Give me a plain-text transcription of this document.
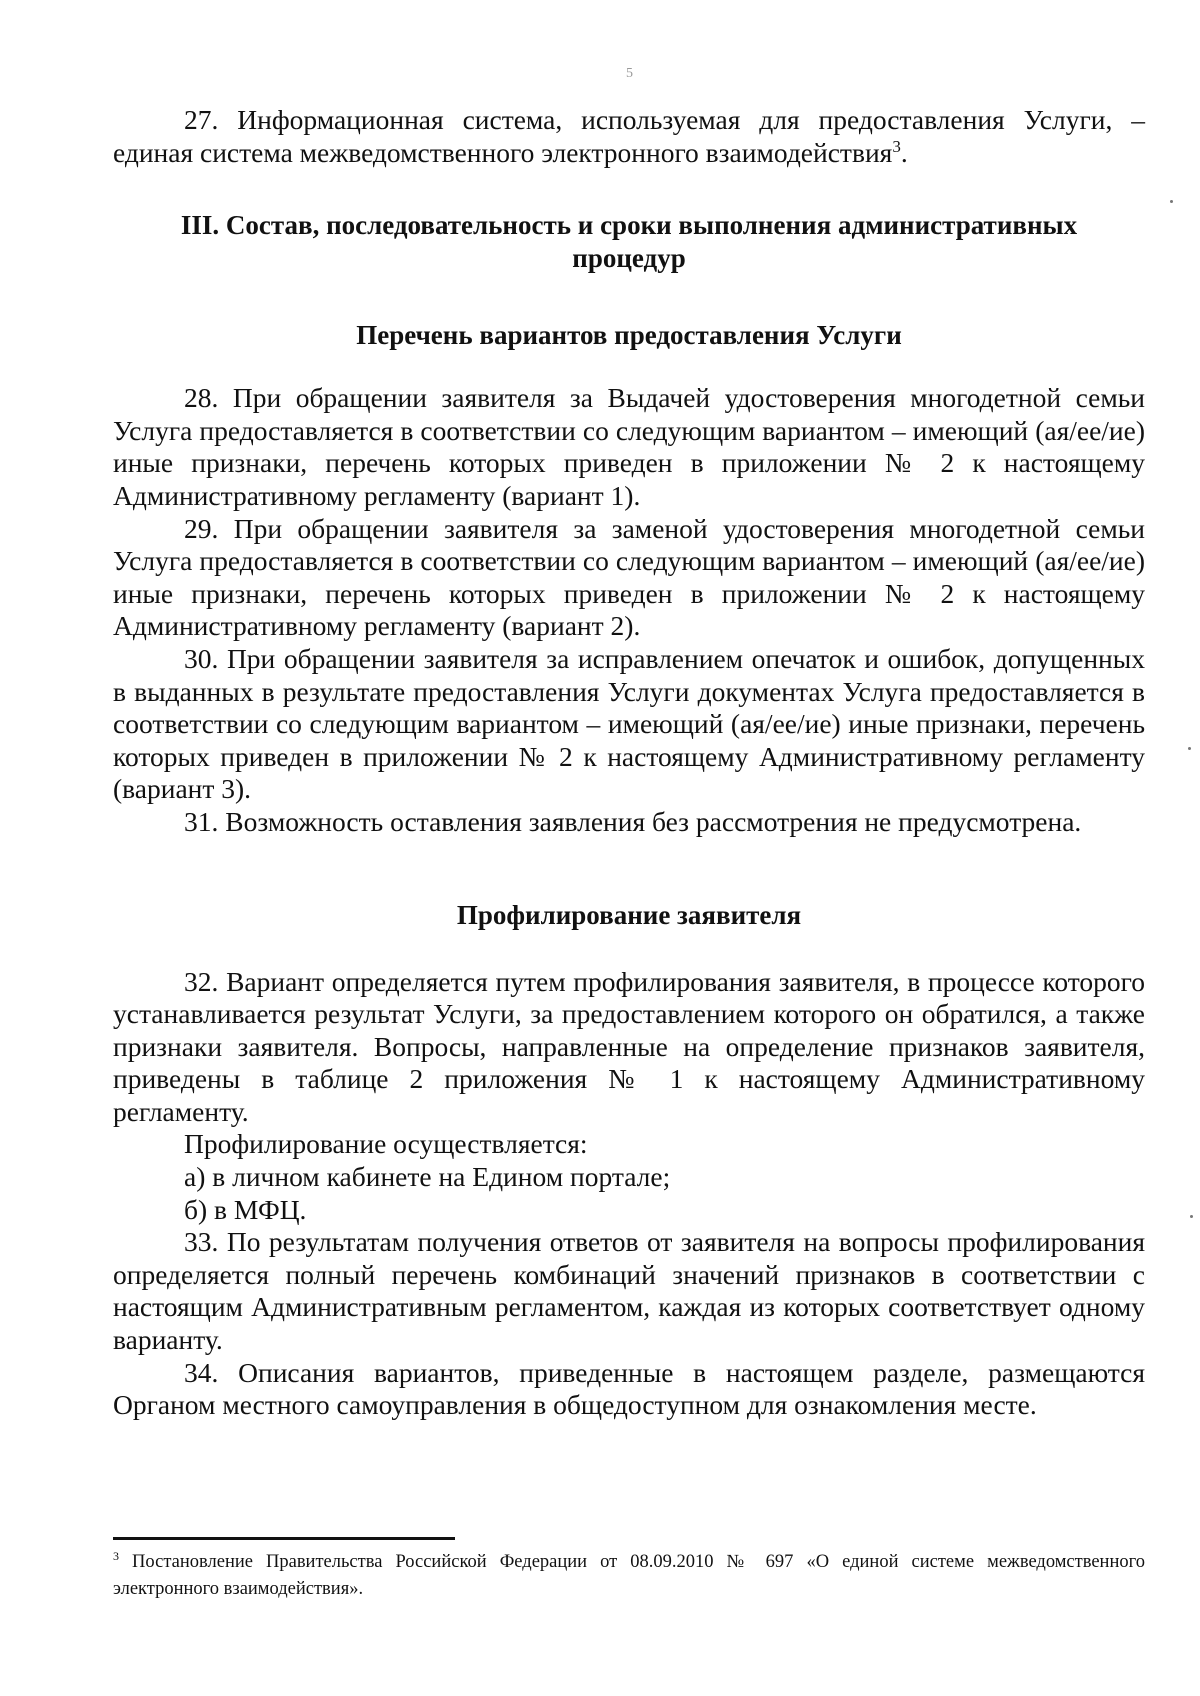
5

27. Информационная система, используемая для предоставления Услуги, – единая система межведомственного электронного взаимодействия$^3$.

III. Состав, последовательность и сроки выполнения административных
процедур
Перечень вариантов предоставления Услуги

28. При обращении заявителя за Выдачей удостоверения многодетной семьи Услуга предоставляется в соответствии со следующим вариантом – имеющий (ая/ее/ие) иные признаки, перечень которых приведен в приложении № 2 к настоящему Административному регламенту (вариант 1).

29. При обращении заявителя за заменой удостоверения многодетной семьи Услуга предоставляется в соответствии со следующим вариантом – имеющий (ая/ее/ие) иные признаки, перечень которых приведен в приложении № 2 к настоящему Административному регламенту (вариант 2).

30. При обращении заявителя за исправлением опечаток и ошибок, допущенных в выданных в результате предоставления Услуги документах Услуга предоставляется в соответствии со следующим вариантом – имеющий (ая/ее/ие) иные признаки, перечень которых приведен в приложении № 2 к настоящему Административному регламенту (вариант 3).

31. Возможность оставления заявления без рассмотрения не предусмотрена.

Профилирование заявителя

32. Вариант определяется путем профилирования заявителя, в процессе которого устанавливается результат Услуги, за предоставлением которого он обратился, а также признаки заявителя. Вопросы, направленные на определение признаков заявителя, приведены в таблице 2 приложения № 1 к настоящему Административному регламенту.

Профилирование осуществляется:

а) в личном кабинете на Едином портале;

б) в МФЦ.

33. По результатам получения ответов от заявителя на вопросы профилирования определяется полный перечень комбинаций значений признаков в соответствии с настоящим Административным регламентом, каждая из которых соответствует одному варианту.

34. Описания вариантов, приведенные в настоящем разделе, размещаются Органом местного самоуправления в общедоступном для ознакомления месте.

$^3$ Постановление Правительства Российской Федерации от 08.09.2010 № 697 «О единой системе межведомственного электронного взаимодействия».
